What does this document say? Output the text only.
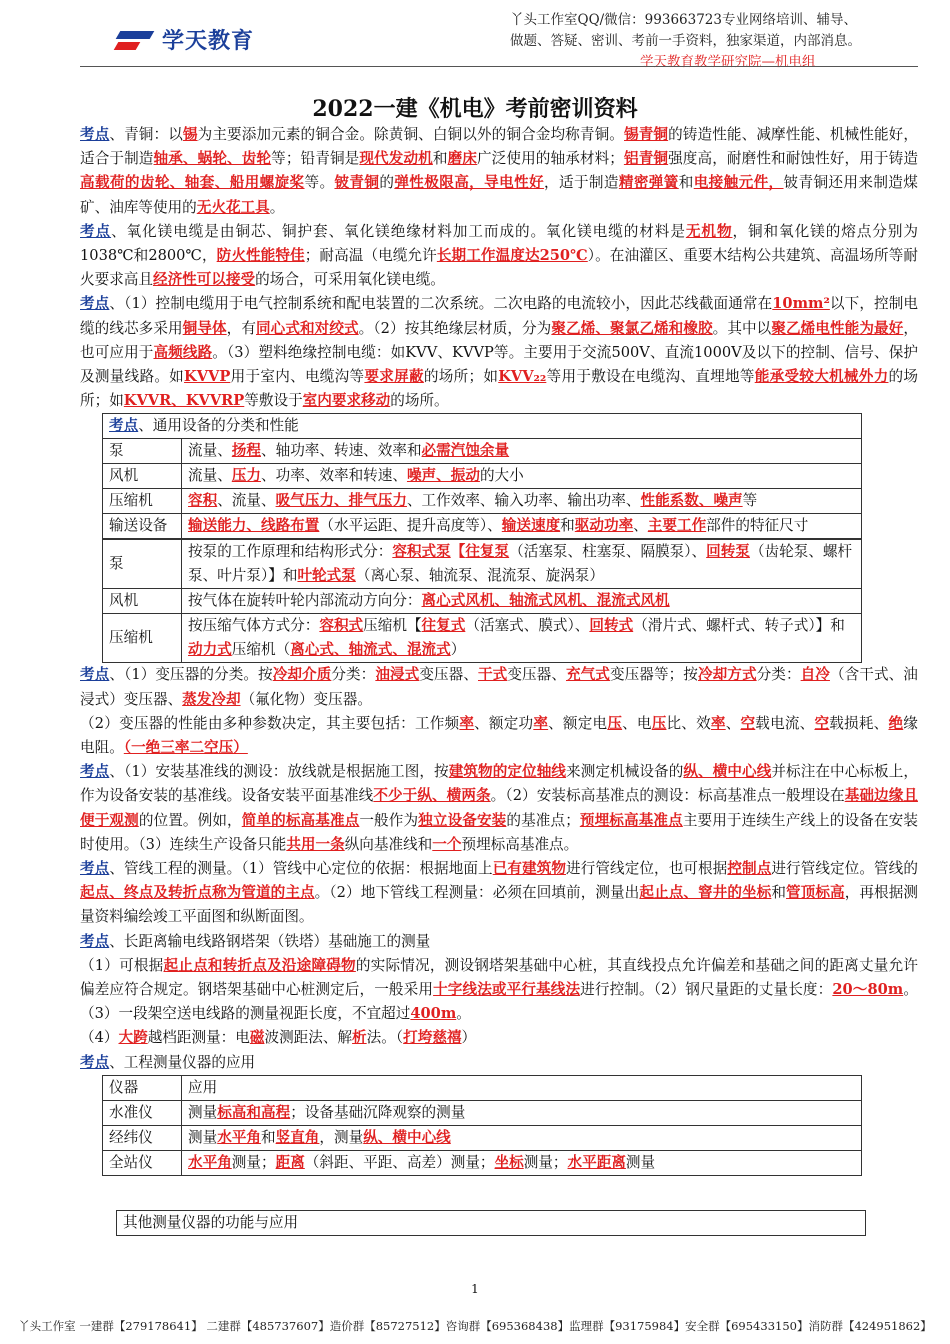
学天教育
丫头工作室QQ/微信：993663723专业网络培训、辅导、
做题、答疑、密训、考前一手资料，独家渠道，内部消息。
学天教育教学研究院—机电组
2022一建《机电》考前密训资料

考点、青铜：以锡为主要添加元素的铜合金。除黄铜、白铜以外的铜合金均称青铜。锡青铜的铸造性能、减摩性能、机械性能好，适合于制造轴承、蜗轮、齿轮等；铅青铜是现代发动机和磨床广泛使用的轴承材料；铝青铜强度高，耐磨性和耐蚀性好，用于铸造高载荷的齿轮、轴套、船用螺旋桨等。铍青铜的弹性极限高，导电性好，适于制造精密弹簧和电接触元件，铍青铜还用来制造煤矿、油库等使用的无火花工具。

考点、氧化镁电缆是由铜芯、铜护套、氧化镁绝缘材料加工而成的。氧化镁电缆的材料是无机物，铜和氧化镁的熔点分别为1038℃和2800℃，防火性能特佳；耐高温（电缆允许长期工作温度达250℃）。在油灌区、重要木结构公共建筑、高温场所等耐火要求高且经济性可以接受的场合，可采用氧化镁电缆。

考点、（1）控制电缆用于电气控制系统和配电装置的二次系统。二次电路的电流较小，因此芯线截面通常在10mm²以下，控制电缆的线芯多采用铜导体，有同心式和对绞式。（2）按其绝缘层材质，分为聚乙烯、聚氯乙烯和橡胶。其中以聚乙烯电性能为最好，也可应用于高频线路。（3）塑料绝缘控制电缆：如KVV、KVVP等。主要用于交流500V、直流1000V及以下的控制、信号、保护及测量线路。如KVVP用于室内、电缆沟等要求屏蔽的场所；如KVV₂₂等用于敷设在电缆沟、直埋地等能承受较大机械外力的场所；如KVVR、KVVRP等敷设于室内要求移动的场所。

考点、通用设备的分类和性能	
泵	流量、扬程、轴功率、转速、效率和必需汽蚀余量
风机	流量、压力、功率、效率和转速、噪声、振动的大小
压缩机	容积、流量、吸气压力、排气压力、工作效率、输入功率、输出功率、性能系数、噪声等
输送设备	输送能力、线路布置（水平运距、提升高度等）、输送速度和驱动功率、主要工作部件的特征尺寸
泵	按泵的工作原理和结构形式分：容积式泵【往复泵（活塞泵、柱塞泵、隔膜泵）、回转泵（齿轮泵、螺杆泵、叶片泵）】和叶轮式泵（离心泵、轴流泵、混流泵、旋涡泵）
风机	按气体在旋转叶轮内部流动方向分：离心式风机、轴流式风机、混流式风机
压缩机	按压缩气体方式分：容积式压缩机【往复式（活塞式、膜式）、回转式（滑片式、螺杆式、转子式）】和动力式压缩机（离心式、轴流式、混流式）

考点、（1）变压器的分类。按冷却介质分类：油浸式变压器、干式变压器、充气式变压器等；按冷却方式分类：自冷（含干式、油浸式）变压器、蒸发冷却（氟化物）变压器。

（2）变压器的性能由多种参数决定，其主要包括：工作频率、额定功率、额定电压、电压比、效率、空载电流、空载损耗、绝缘电阻。（一绝三率二空压）

考点、（1）安装基准线的测设：放线就是根据施工图，按建筑物的定位轴线来测定机械设备的纵、横中心线并标注在中心标板上，作为设备安装的基准线。设备安装平面基准线不少于纵、横两条。（2）安装标高基准点的测设：标高基准点一般埋设在基础边缘且便于观测的位置。例如，简单的标高基准点一般作为独立设备安装的基准点；预埋标高基准点主要用于连续生产线上的设备在安装时使用。（3）连续生产设备只能共用一条纵向基准线和一个预埋标高基准点。

考点、管线工程的测量。（1）管线中心定位的依据：根据地面上已有建筑物进行管线定位，也可根据控制点进行管线定位。管线的起点、终点及转折点称为管道的主点。（2）地下管线工程测量：必须在回填前，测量出起止点、窨井的坐标和管顶标高，再根据测量资料编绘竣工平面图和纵断面图。

考点、长距离输电线路钢塔架（铁塔）基础施工的测量

（1）可根据起止点和转折点及沿途障碍物的实际情况，测设钢塔架基础中心桩，其直线投点允许偏差和基础之间的距离丈量允许偏差应符合规定。钢塔架基础中心桩测定后，一般采用十字线法或平行基线法进行控制。（2）钢尺量距的丈量长度：20～80m。（3）一段架空送电线路的测量视距长度，不宜超过400m。

（4）大跨越档距测量：电磁波测距法、解析法。（打垮慈禧）

考点、工程测量仪器的应用

仪器	应用
水准仪	测量标高和高程；设备基础沉降观察的测量
经纬仪	测量水平角和竖直角，测量纵、横中心线
全站仪	水平角测量；距离（斜距、平距、高差）测量；坐标测量；水平距离测量
其他测量仪器的功能与应用
1
丫头工作室 一建群【279178641】 二建群【485737607】造价群【85727512】咨询群【695368438】监理群【93175984】安全群【695433150】消防群【424951862】
